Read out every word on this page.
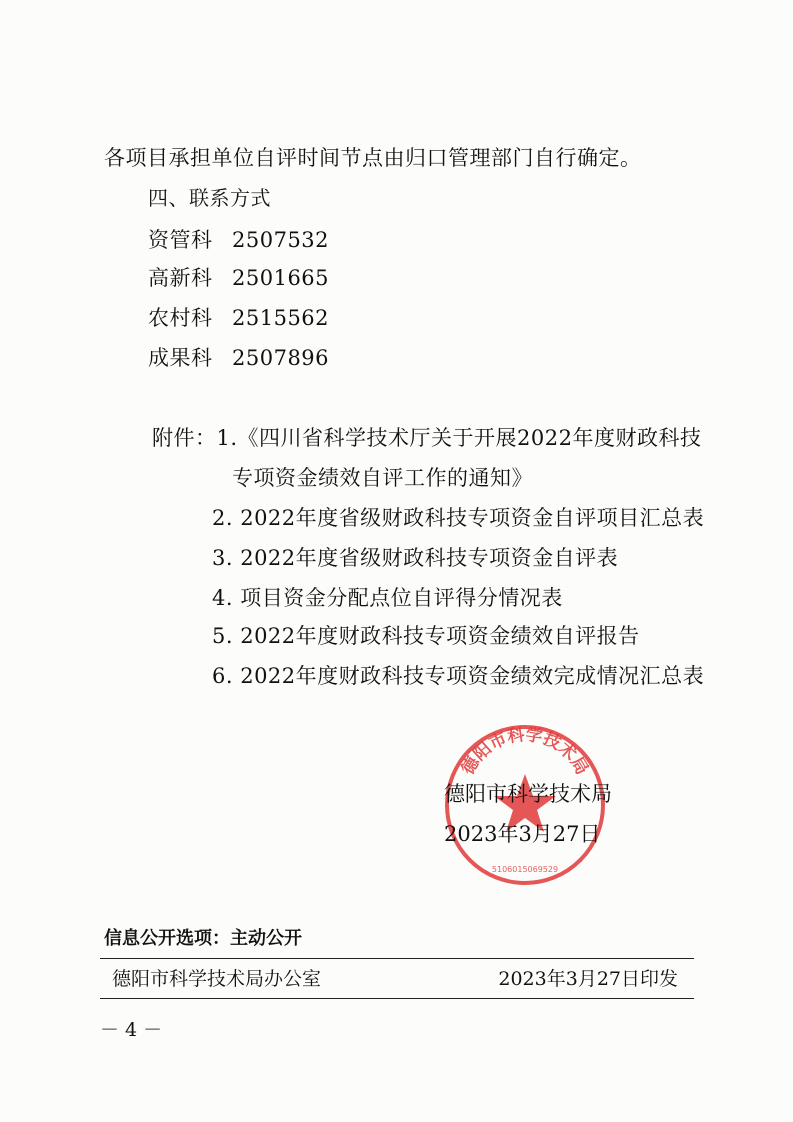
各项目承担单位自评时间节点由归口管理部门自行确定。
四、联系方式
资管科 2507532
高新科 2501665
农村科 2515562
成果科 2507896
附件：1.《四川省科学技术厅关于开展2022年度财政科技
专项资金绩效自评工作的通知》
2. 2022年度省级财政科技专项资金自评项目汇总表
3. 2022年度省级财政科技专项资金自评表
4. 项目资金分配点位自评得分情况表
5. 2022年度财政科技专项资金绩效自评报告
6. 2022年度财政科技专项资金绩效完成情况汇总表
德阳市科学技术局
5106015069529
德阳市科学技术局
2023年3月27日
信息公开选项：主动公开
德阳市科学技术局办公室	2023年3月27日印发
－ 4 －
